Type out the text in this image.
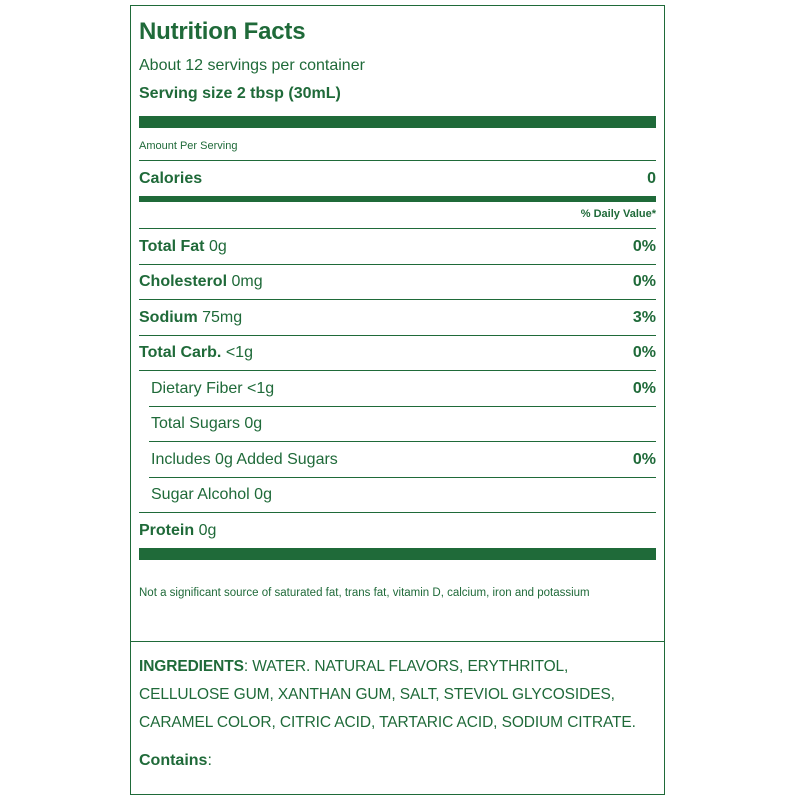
Nutrition Facts
About 12 servings per container
Serving size 2 tbsp (30mL)
Amount Per Serving
Calories	0
% Daily Value*
Total Fat 0g	0%
Cholesterol 0mg	0%
Sodium 75mg	3%
Total Carb. <1g	0%
Dietary Fiber <1g	0%
Total Sugars 0g
Includes 0g Added Sugars	0%
Sugar Alcohol 0g
Protein 0g
Not a significant source of saturated fat, trans fat, vitamin D, calcium, iron and potassium
INGREDIENTS: WATER. NATURAL FLAVORS, ERYTHRITOL, CELLULOSE GUM, XANTHAN GUM, SALT, STEVIOL GLYCOSIDES, CARAMEL COLOR, CITRIC ACID, TARTARIC ACID, SODIUM CITRATE.
Contains:
